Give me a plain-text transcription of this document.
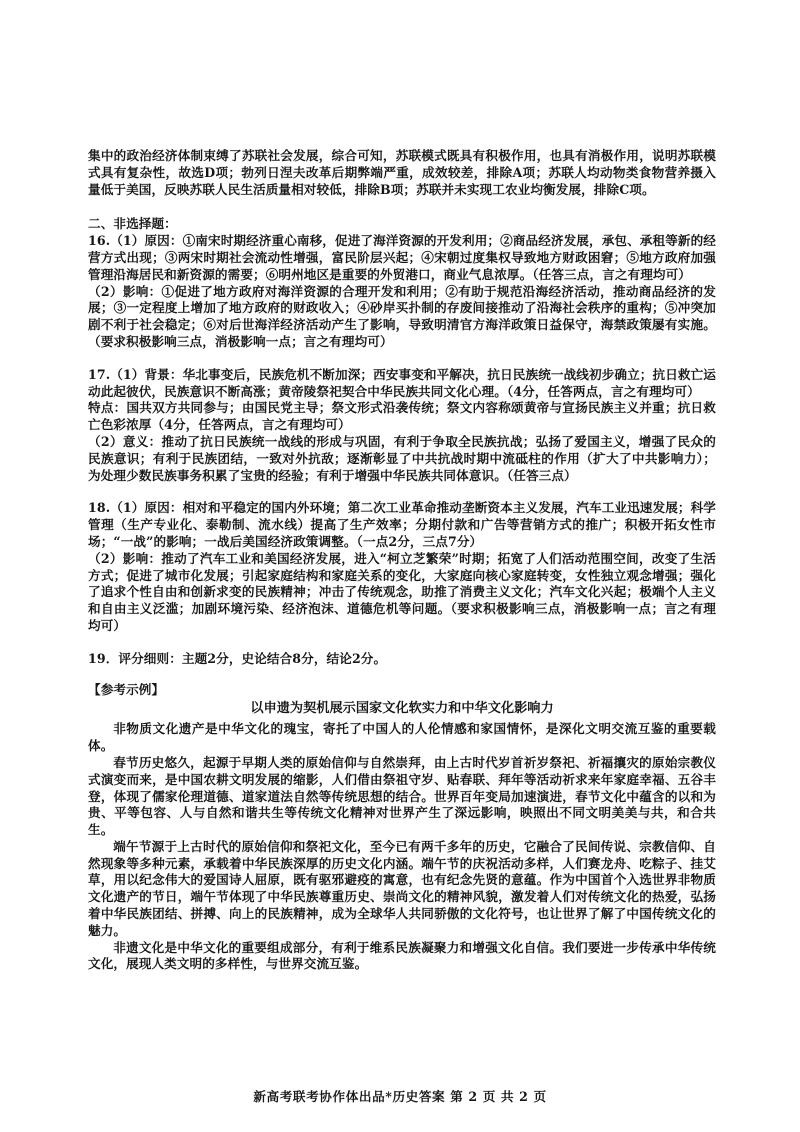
集中的政治经济体制束缚了苏联社会发展，综合可知，苏联模式既具有积极作用，也具有消极作用，说明苏联模式具有复杂性，故选D项；勃列日涅夫改革后期弊端严重，成效较差，排除A项；苏联人均动物类食物营养摄入量低于美国，反映苏联人民生活质量相对较低，排除B项；苏联并未实现工农业均衡发展，排除C项。

二、非选择题：

16.（1）原因：①南宋时期经济重心南移，促进了海洋资源的开发利用；②商品经济发展，承包、承租等新的经营方式出现；③两宋时期社会流动性增强，富民阶层兴起；④宋朝过度集权导致地方财政困窘；⑤地方政府加强管理沿海居民和新资源的需要；⑥明州地区是重要的外贸港口，商业气息浓厚。（任答三点，言之有理均可）

（2）影响：①促进了地方政府对海洋资源的合理开发和利用；②有助于规范沿海经济活动，推动商品经济的发展；③一定程度上增加了地方政府的财政收入；④砂岸买扑制的存废间接推动了沿海社会秩序的重构；⑤冲突加剧不利于社会稳定；⑥对后世海洋经济活动产生了影响，导致明清官方海洋政策日益保守，海禁政策屡有实施。（要求积极影响三点，消极影响一点；言之有理均可）

17.（1）背景：华北事变后，民族危机不断加深；西安事变和平解决，抗日民族统一战线初步确立；抗日救亡运动此起彼伏，民族意识不断高涨；黄帝陵祭祀契合中华民族共同文化心理。（4分，任答两点，言之有理均可）

特点：国共双方共同参与；由国民党主导；祭文形式沿袭传统；祭文内容称颂黄帝与宣扬民族主义并重；抗日救亡色彩浓厚（4分，任答两点，言之有理均可）

（2）意义：推动了抗日民族统一战线的形成与巩固，有利于争取全民族抗战；弘扬了爱国主义，增强了民众的民族意识；有利于民族团结，一致对外抗敌；逐渐彰显了中共抗战时期中流砥柱的作用（扩大了中共影响力）；为处理少数民族事务积累了宝贵的经验；有利于增强中华民族共同体意识。（任答三点）

18.（1）原因：相对和平稳定的国内外环境；第二次工业革命推动垄断资本主义发展，汽车工业迅速发展；科学管理（生产专业化、泰勒制、流水线）提高了生产效率；分期付款和广告等营销方式的推广；积极开拓女性市场；“一战”的影响；一战后美国经济政策调整。（一点2分，三点7分）

（2）影响：推动了汽车工业和美国经济发展，进入“柯立芝繁荣”时期；拓宽了人们活动范围空间，改变了生活方式；促进了城市化发展；引起家庭结构和家庭关系的变化，大家庭向核心家庭转变，女性独立观念增强；强化了追求个性自由和创新求变的民族精神；冲击了传统观念，助推了消费主义文化；汽车文化兴起；极端个人主义和自由主义泛滥；加剧环境污染、经济泡沫、道德危机等问题。（要求积极影响三点，消极影响一点；言之有理均可）

19．评分细则：主题2分，史论结合8分，结论2分。

【参考示例】

以申遗为契机展示国家文化软实力和中华文化影响力

非物质文化遗产是中华文化的瑰宝，寄托了中国人的人伦情感和家国情怀，是深化文明交流互鉴的重要载体。

春节历史悠久，起源于早期人类的原始信仰与自然崇拜，由上古时代岁首祈岁祭祀、祈福攘灾的原始宗教仪式演变而来，是中国农耕文明发展的缩影，人们借由祭祖守岁、贴春联、拜年等活动祈求来年家庭幸福、五谷丰登，体现了儒家伦理道德、道家道法自然等传统思想的结合。世界百年变局加速演进，春节文化中蕴含的以和为贵、平等包容、人与自然和谐共生等传统文化精神对世界产生了深远影响，映照出不同文明美美与共，和合共生。

端午节源于上古时代的原始信仰和祭祀文化，至今已有两千多年的历史，它融合了民间传说、宗教信仰、自然现象等多种元素，承载着中华民族深厚的历史文化内涵。端午节的庆祝活动多样，人们赛龙舟、吃粽子、挂艾草，用以纪念伟大的爱国诗人屈原，既有驱邪避疫的寓意，也有纪念先贤的意蕴。作为中国首个入选世界非物质文化遗产的节日，端午节体现了中华民族尊重历史、崇尚文化的精神风貌，激发着人们对传统文化的热爱，弘扬着中华民族团结、拼搏、向上的民族精神，成为全球华人共同骄傲的文化符号，也让世界了解了中国传统文化的魅力。

非遗文化是中华文化的重要组成部分，有利于维系民族凝聚力和增强文化自信。我们要进一步传承中华传统文化，展现人类文明的多样性，与世界交流互鉴。

新高考联考协作体出品*历史答案 第 2 页 共 2 页
